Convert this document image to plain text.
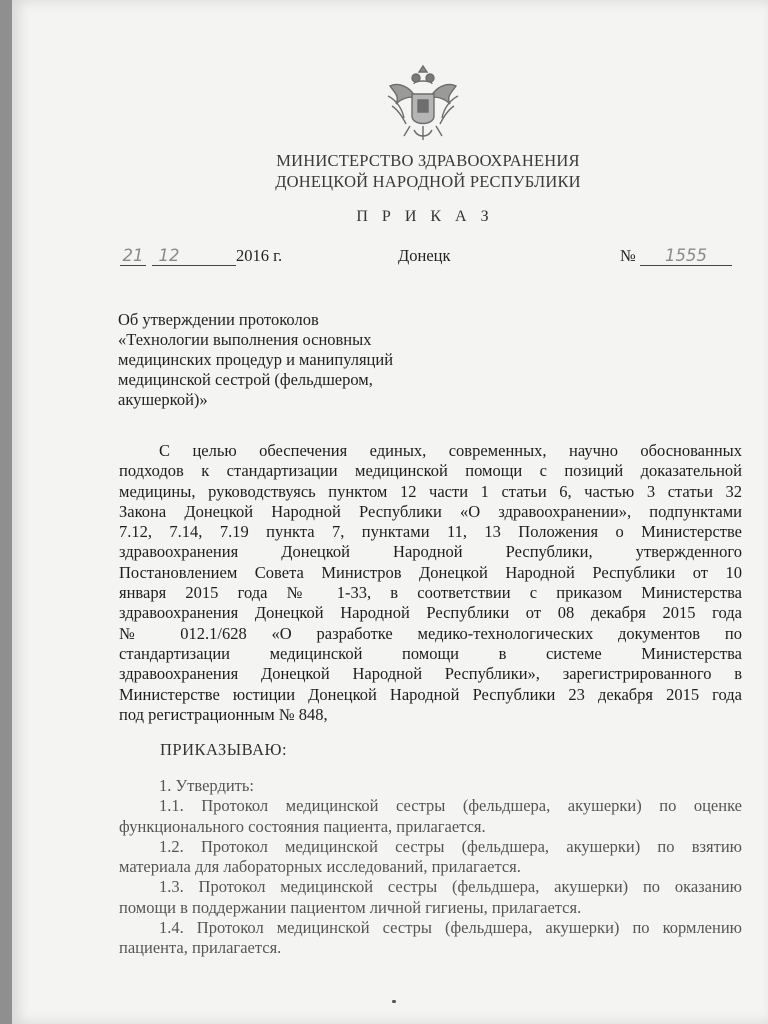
МИНИСТЕРСТВО ЗДРАВООХРАНЕНИЯ
ДОНЕЦКОЙ НАРОДНОЙ РЕСПУБЛИКИ
П Р И К А З
21 12	2016 г.	Донецк	№	1555
Об утверждении протоколов
«Технологии выполнения основных
медицинских процедур и манипуляций
медицинской сестрой (фельдшером,
акушеркой)»
С целью обеспечения единых, современных, научно обоснованных
подходов к стандартизации медицинской помощи с позиций доказательной
медицины, руководствуясь пунктом 12 части 1 статьи 6, частью 3 статьи 32
Закона Донецкой Народной Республики «О здравоохранении», подпунктами
7.12, 7.14, 7.19 пункта 7, пунктами 11, 13 Положения о Министерстве
здравоохранения Донецкой Народной Республики, утвержденного
Постановлением Совета Министров Донецкой Народной Республики от 10
января 2015 года № 1-33, в соответствии с приказом Министерства
здравоохранения Донецкой Народной Республики от 08 декабря 2015 года
№ 012.1/628 «О разработке медико-технологических документов по
стандартизации медицинской помощи в системе Министерства
здравоохранения Донецкой Народной Республики», зарегистрированного в
Министерстве юстиции Донецкой Народной Республики 23 декабря 2015 года
под регистрационным № 848,
ПРИКАЗЫВАЮ:
1. Утвердить:
1.1. Протокол медицинской сестры (фельдшера, акушерки) по оценке
функционального состояния пациента, прилагается.
1.2. Протокол медицинской сестры (фельдшера, акушерки) по взятию
материала для лабораторных исследований, прилагается.
1.3. Протокол медицинской сестры (фельдшера, акушерки) по оказанию
помощи в поддержании пациентом личной гигиены, прилагается.
1.4. Протокол медицинской сестры (фельдшера, акушерки) по кормлению
пациента, прилагается.
